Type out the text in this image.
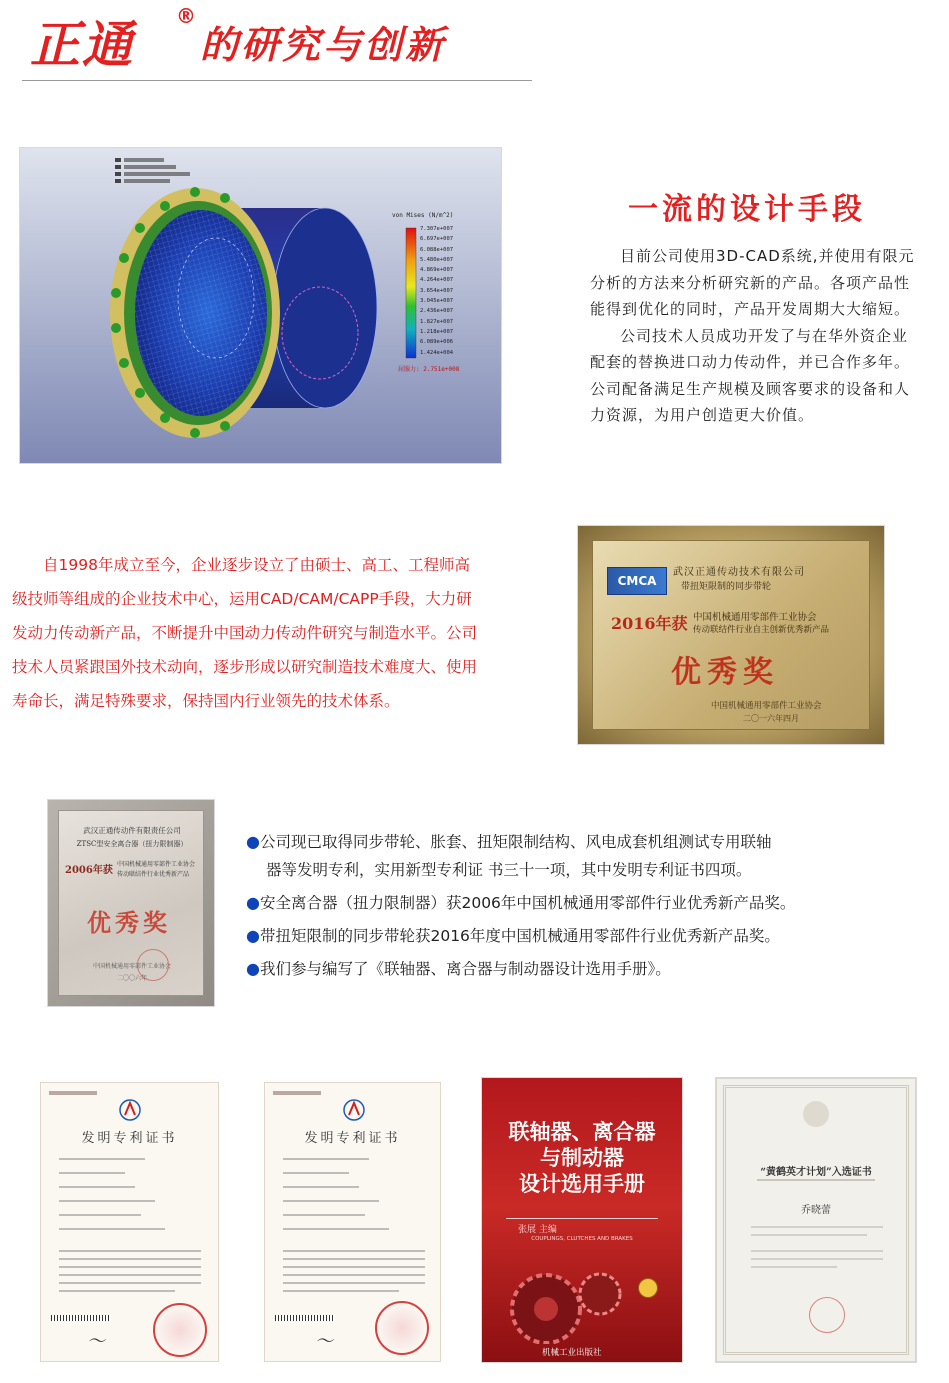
正通 ®
的研究与创新
von Mises (N/m^2)
7.307e+007
6.697e+007
6.088e+007
5.480e+007
4.869e+007
4.264e+007
3.654e+007
3.045e+007
2.436e+007
1.827e+007
1.218e+007
6.089e+006
1.424e+004
屈服力: 2.751e+008
一流的设计手段

目前公司使用3D-CAD系统,并使用有限元分析的方法来分析研究新的产品。各项产品性能得到优化的同时，产品开发周期大大缩短。

公司技术人员成功开发了与在华外资企业配套的替换进口动力传动件，并已合作多年。公司配备满足生产规模及顾客要求的设备和人力资源，为用户创造更大价值。

自1998年成立至今，企业逐步设立了由硕士、高工、工程师高级技师等组成的企业技术中心，运用CAD/CAM/CAPP手段，大力研发动力传动新产品，不断提升中国动力传动件研究与制造水平。公司技术人员紧跟国外技术动向，逐步形成以研究制造技术难度大、使用寿命长，满足特殊要求，保持国内行业领先的技术体系。

CMCA
武汉正通传动技术有限公司
带扭矩限制的同步带轮
2016年获 中国机械通用零部件工业协会
传动联结件行业自主创新优秀新产品
优秀奖
中国机械通用零部件工业协会
二〇一六年四月
武汉正通传动件有限责任公司
ZTSC型安全离合器（扭力限制器）
2006年获
中国机械通用零部件工业协会
传动联结件行业优秀新产品
优秀奖
中国机械通用零部件工业协会
二〇〇六年
●公司现已取得同步带轮、胀套、扭矩限制结构、风电成套机组测试专用联轴
器等发明专利，实用新型专利证 书三十一项，其中发明专利证书四项。
●安全离合器（扭力限制器）获2006年中国机械通用零部件行业优秀新产品奖。
●带扭矩限制的同步带轮获2016年度中国机械通用零部件行业优秀新产品奖。
●我们参与编写了《联轴器、离合器与制动器设计选用手册》。
发明专利证书
～
发明专利证书
～
联轴器、离合器
与制动器
设计选用手册
张展 主编
COUPLINGS, CLUTCHES AND BRAKES
机械工业出版社
“黄鹤英才计划”入选证书
乔晓蕾
